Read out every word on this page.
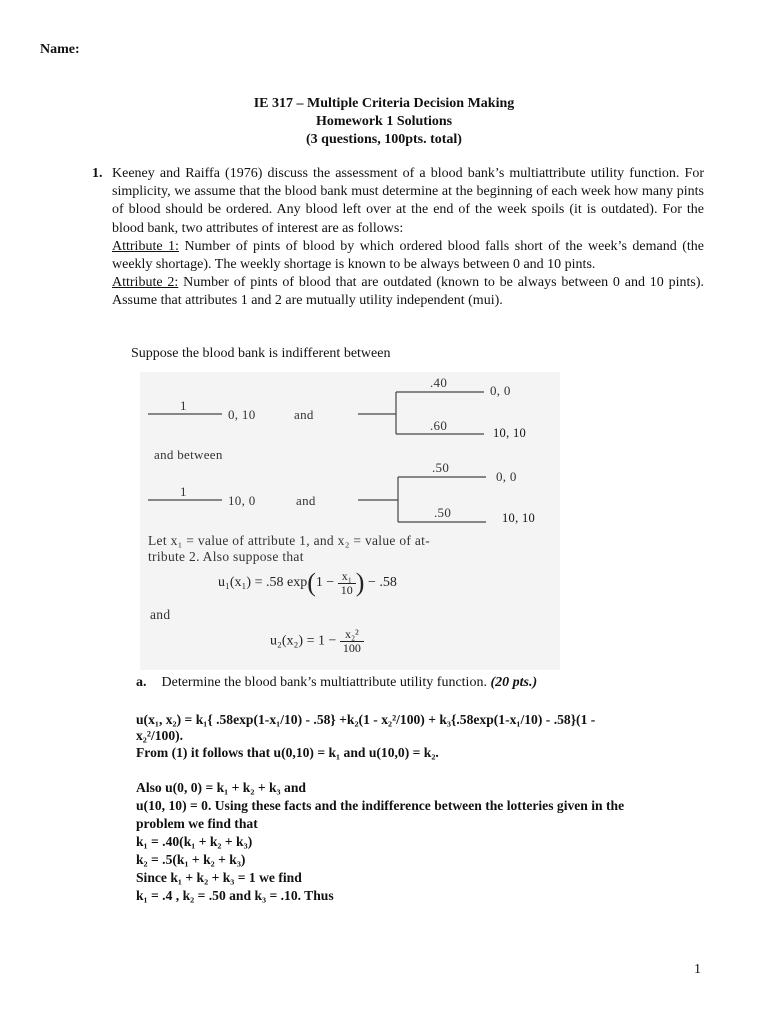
Name:
IE 317 – Multiple Criteria Decision Making
Homework 1 Solutions
(3 questions, 100pts. total)
1. Keeney and Raiffa (1976) discuss the assessment of a blood bank’s multiattribute utility function. For simplicity, we assume that the blood bank must determine at the beginning of each week how many pints of blood should be ordered. Any blood left over at the end of the week spoils (it is outdated). For the blood bank, two attributes of interest are as follows:
Attribute 1: Number of pints of blood by which ordered blood falls short of the week’s demand (the weekly shortage). The weekly shortage is known to be always between 0 and 10 pints.
Attribute 2: Number of pints of blood that are outdated (known to be always between 0 and 10 pints). Assume that attributes 1 and 2 are mutually utility independent (mui).
Suppose the blood bank is indifferent between
1
0, 10	and
.40
0, 0
.60	10, 10
and between
1
10, 0	and
.50
0, 0
.50	10, 10
Let x₁ = value of attribute 1, and x₂ = value of at-
tribute 2. Also suppose that
u₁(x₁) = .58 $\exp(1 - \frac{\text{x₁}}{10}$ ) − .58
and
$u_2(x_2) = 1 - \frac{\text{x₂²}}{100}$
a. Determine the blood bank’s multiattribute utility function. (20 pts.)
u(x₁, x₂) = k₁{ .58exp(1-x₁/10) - .58} +k₂(1 - x₂²/100) + k₃{.58exp(1-x₁/10) - .58}(1 -
x₂²/100).
From (1) it follows that u(0,10) = k₁ and u(10,0) = k₂.
Also u(0, 0) = k₁ + k₂ + k₃ and
u(10, 10) = 0. Using these facts and the indifference between the lotteries given in the
problem we find that
k₁ = .40(k₁ + k₂ + k₃)
k₂ = .5(k₁ + k₂ + k₃)
Since k₁ + k₂ + k₃ = 1 we find
k₁ = .4 , k₂ = .50 and k₃ = .10. Thus
1
